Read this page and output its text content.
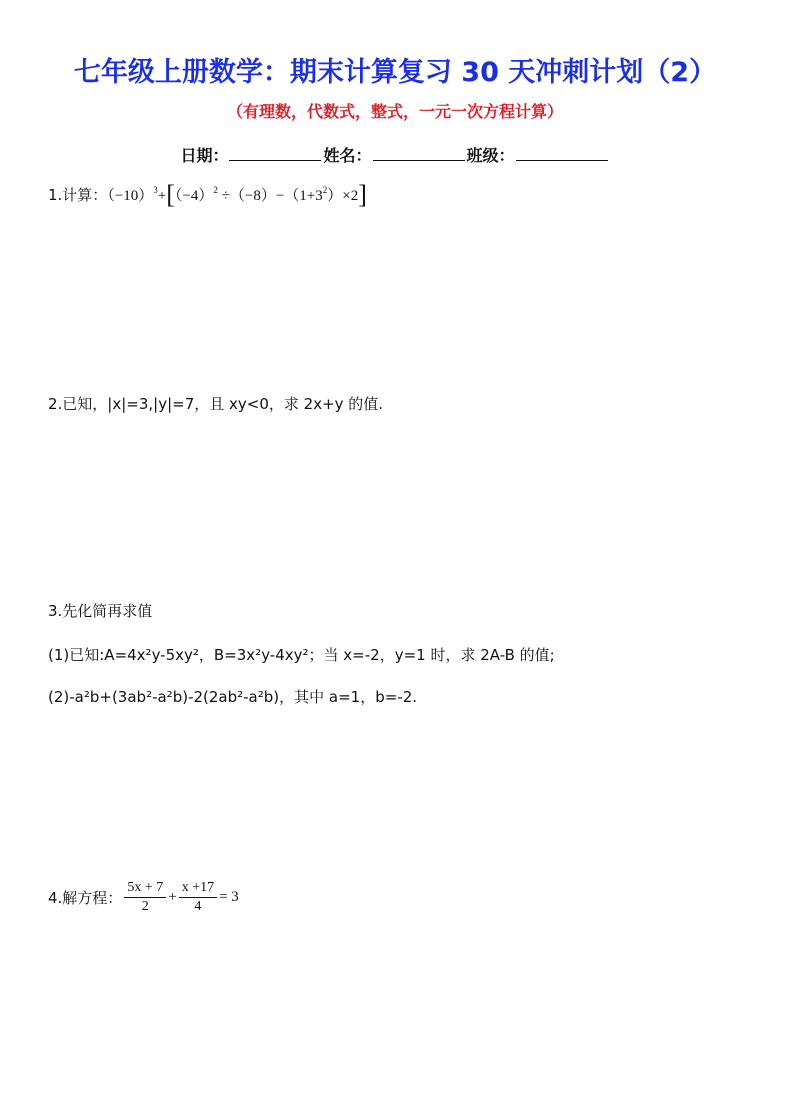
七年级上册数学：期末计算复习 30 天冲刺计划（2）
（有理数，代数式，整式，一元一次方程计算）
日期：	姓名：	班级：
1.计算：$(-10)^3+[(-4)^2 \div(-8)-(1+3^2)\times 2]$
2.已知，|x|=3,|y|=7，且 xy<0，求 2x+y 的值.
3.先化简再求值
(1)已知:A=4x²y-5xy²，B=3x²y-4xy²；当 x=-2，y=1 时，求 2A-B 的值;
(2)-a²b+(3ab²-a²b)-2(2ab²-a²b)，其中 a=1，b=-2.
4.解方程： $\frac{5x + 7}{2} + \frac{x +17}{4} = 3$
